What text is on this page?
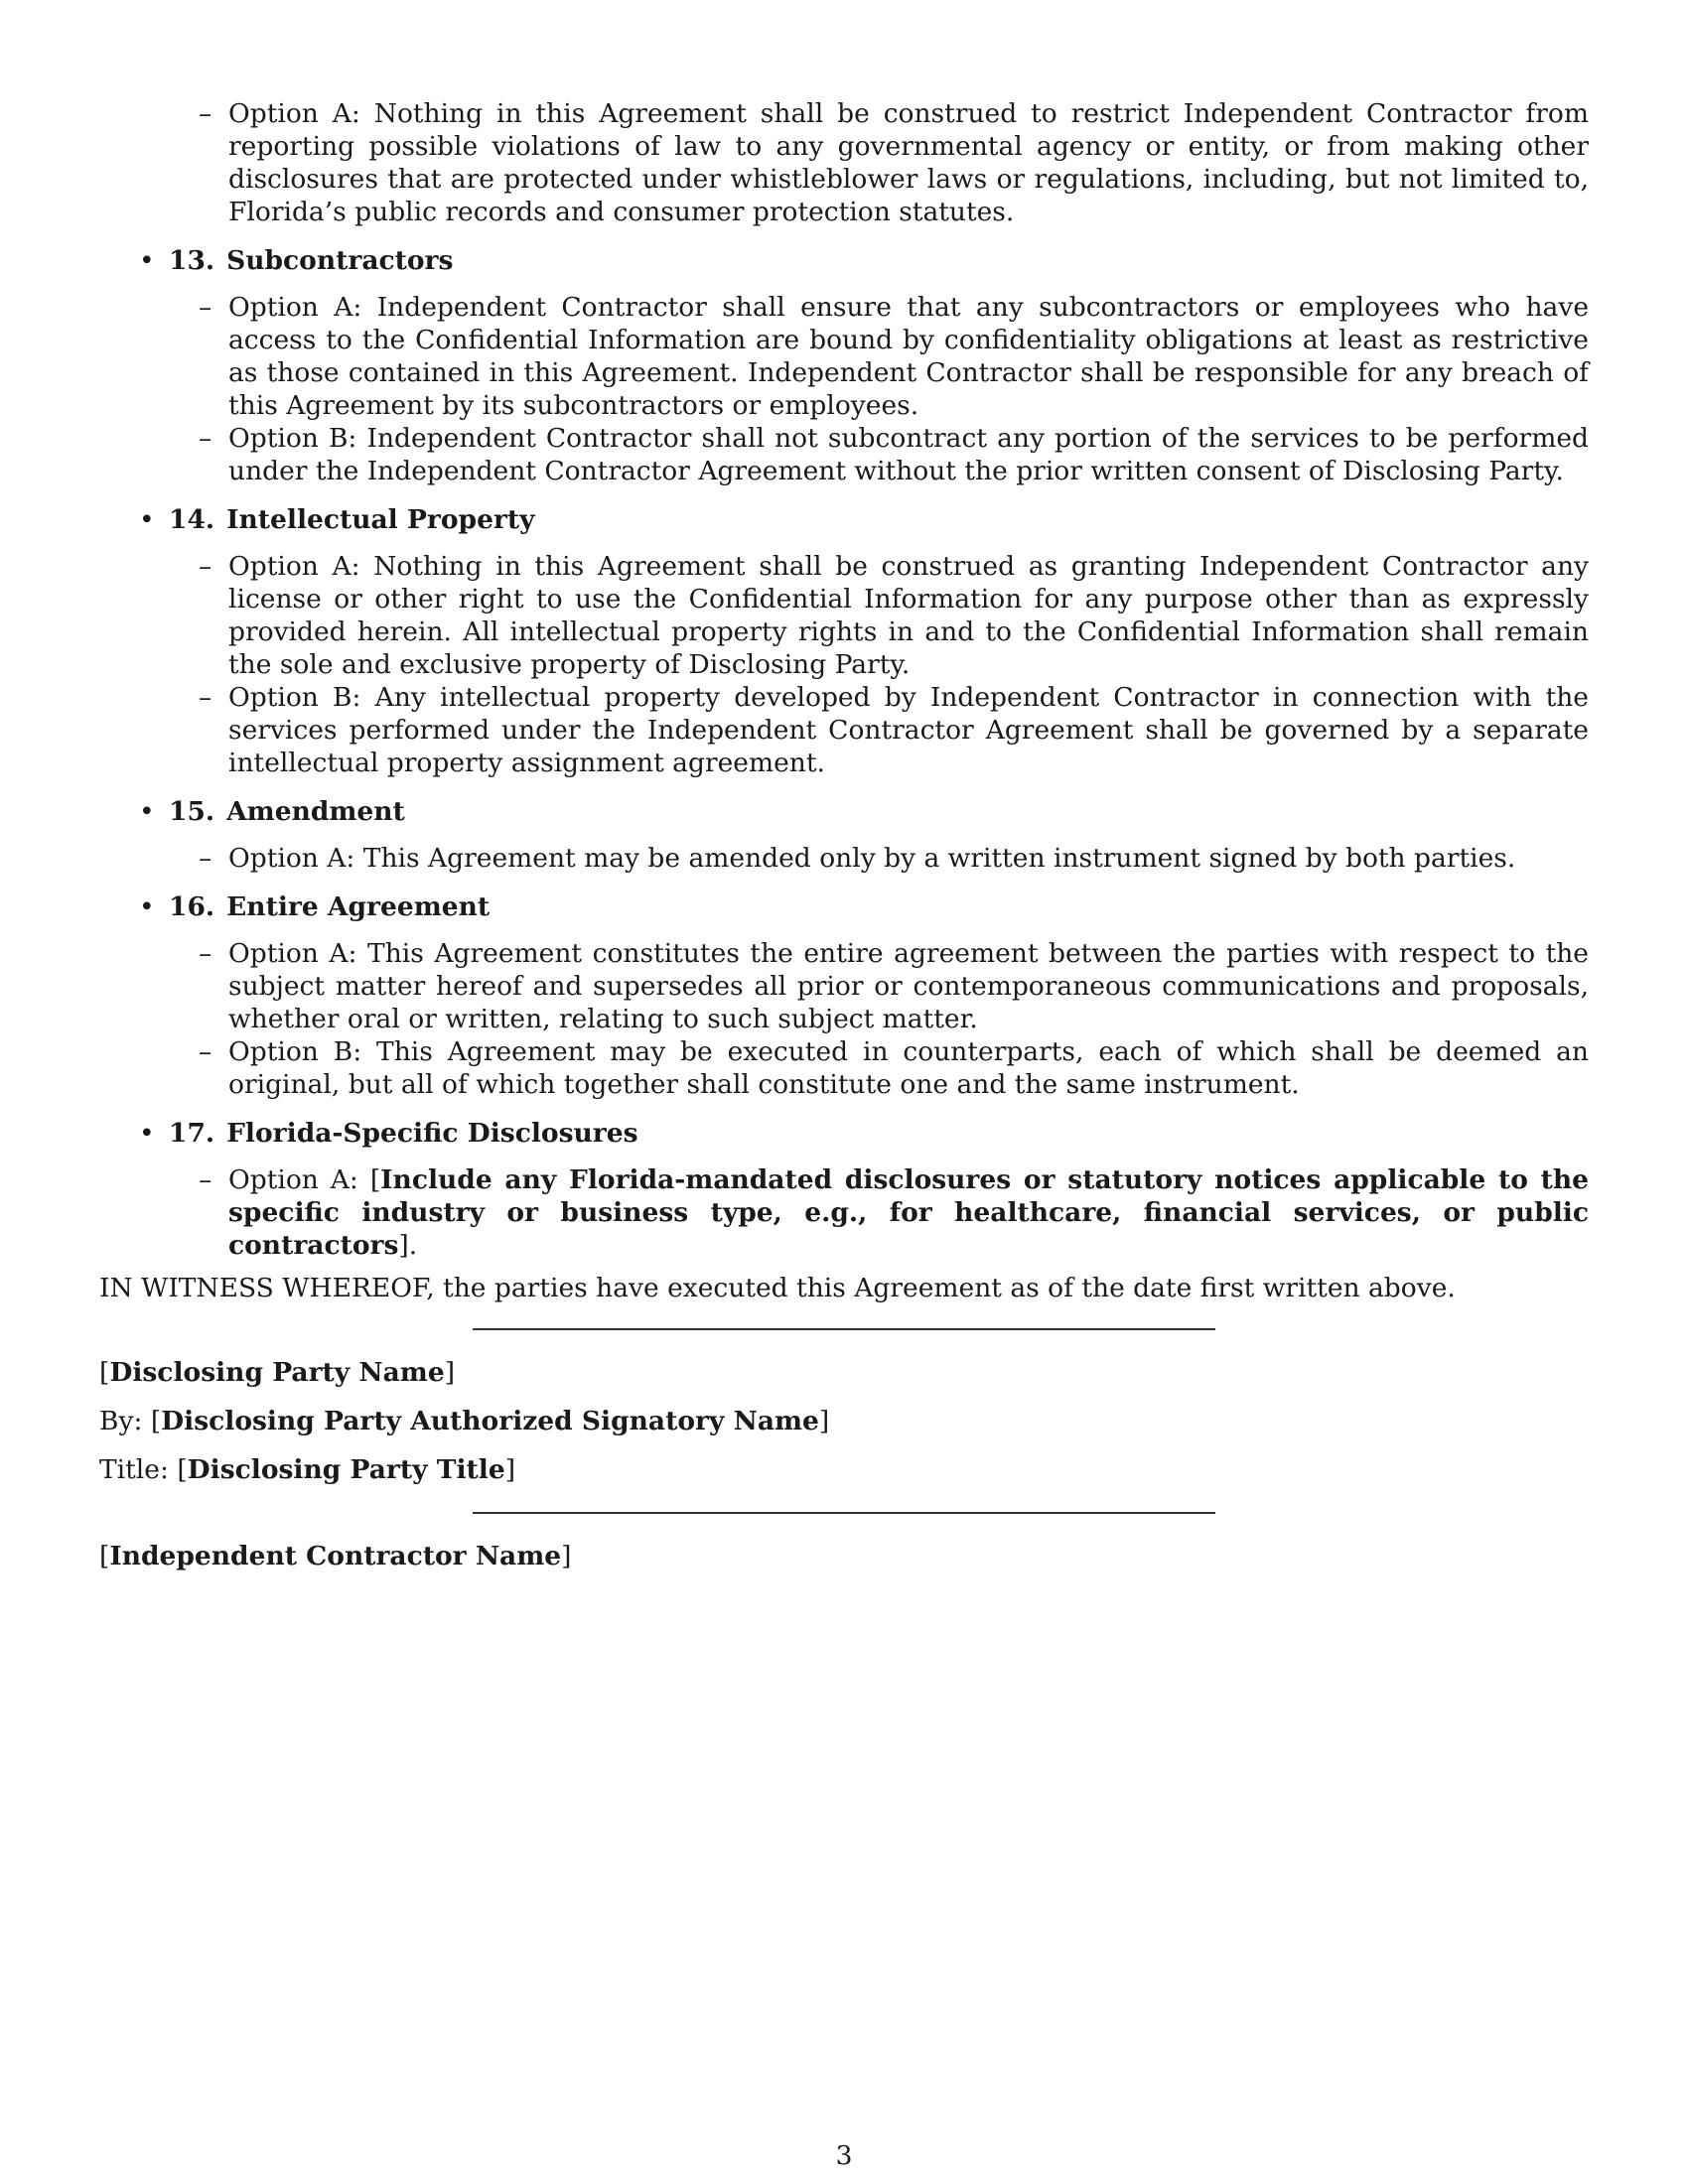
– Option A: Nothing in this Agreement shall be construed to restrict Independent Contractor from reporting possible violations of law to any governmental agency or entity, or from making other disclosures that are protected under whistleblower laws or regulations, including, but not limited to, Florida’s public records and consumer protection statutes.
• 13. Subcontractors
– Option A: Independent Contractor shall ensure that any subcontractors or employees who have access to the Confidential Information are bound by confidentiality obligations at least as restrictive as those contained in this Agreement. Independent Contractor shall be responsible for any breach of this Agreement by its subcontractors or employees.
– Option B: Independent Contractor shall not subcontract any portion of the services to be performed under the Independent Contractor Agreement without the prior written consent of Disclosing Party.
• 14. Intellectual Property
– Option A: Nothing in this Agreement shall be construed as granting Independent Contractor any license or other right to use the Confidential Information for any purpose other than as expressly provided herein. All intellectual property rights in and to the Confidential Information shall remain the sole and exclusive property of Disclosing Party.
– Option B: Any intellectual property developed by Independent Contractor in connection with the services performed under the Independent Contractor Agreement shall be governed by a separate intellectual property assignment agreement.
• 15. Amendment
– Option A: This Agreement may be amended only by a written instrument signed by both parties.
• 16. Entire Agreement
– Option A: This Agreement constitutes the entire agreement between the parties with respect to the subject matter hereof and supersedes all prior or contemporaneous communications and proposals, whether oral or written, relating to such subject matter.
– Option B: This Agreement may be executed in counterparts, each of which shall be deemed an original, but all of which together shall constitute one and the same instrument.
• 17. Florida-Specific Disclosures
– Option A: [Include any Florida-mandated disclosures or statutory notices applicable to the specific industry or business type, e.g., for healthcare, financial services, or public contractors].
IN WITNESS WHEREOF, the parties have executed this Agreement as of the date first written above.
[Disclosing Party Name]
By: [Disclosing Party Authorized Signatory Name]
Title: [Disclosing Party Title]
[Independent Contractor Name]
3
